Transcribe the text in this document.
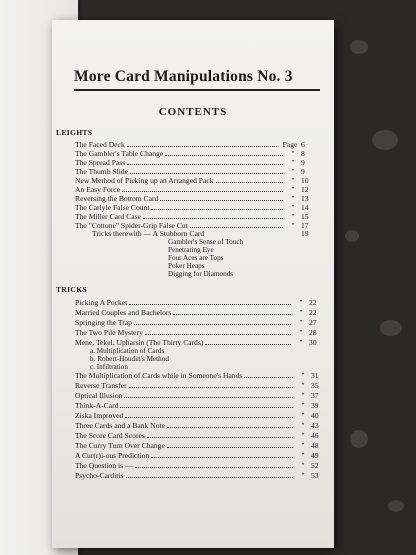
More Card Manipulations No. 3
CONTENTS
LEIGHTS
The Faced Deck	Page 6
The Gambler's Table Change	" 8
The Spread Pass	" 9
The Thumb Slide	" 9
New Method of Picking up an Arranged Pack	" 10
An Easy Force	" 12
Reversing the Bottom Card	" 13
The Carlyle False Count	" 14
The Miller Card Case	" 15
The "Cottone" Spider-Grip False Cut	" 17
Tricks therewith — A Stubborn Card	19
Gambler's Sense of Touch
Penetrating Eye
Four Aces are Tops
Poker Heaps
Digging for Diamonds
TRICKS
Picking A Pocket	" 22
Married Couples and Bachelors	" 22
Springing the Trap	" 27
The Two Pile Mystery	" 28
Mene, Tekel, Upharsin (The Thirty Cards)	" 30
a. Multiplication of Cards
b. Robert-Houdin's Method
c. Infiltration
The Multiplication of Cards while in Someone's Hands	" 31
Reverse Transfer	" 35
Optical Illusion	" 37
Think-A-Card	" 39
Ziska Improved	" 40
Three Cards and a Bank Note	" 43
The Score Card Scores	" 46
The Curry Turn Over Change	" 48
A Cur(r)i-ous Prediction	" 49
The Question is —	" 52
Psycho-Carditis	" 53
